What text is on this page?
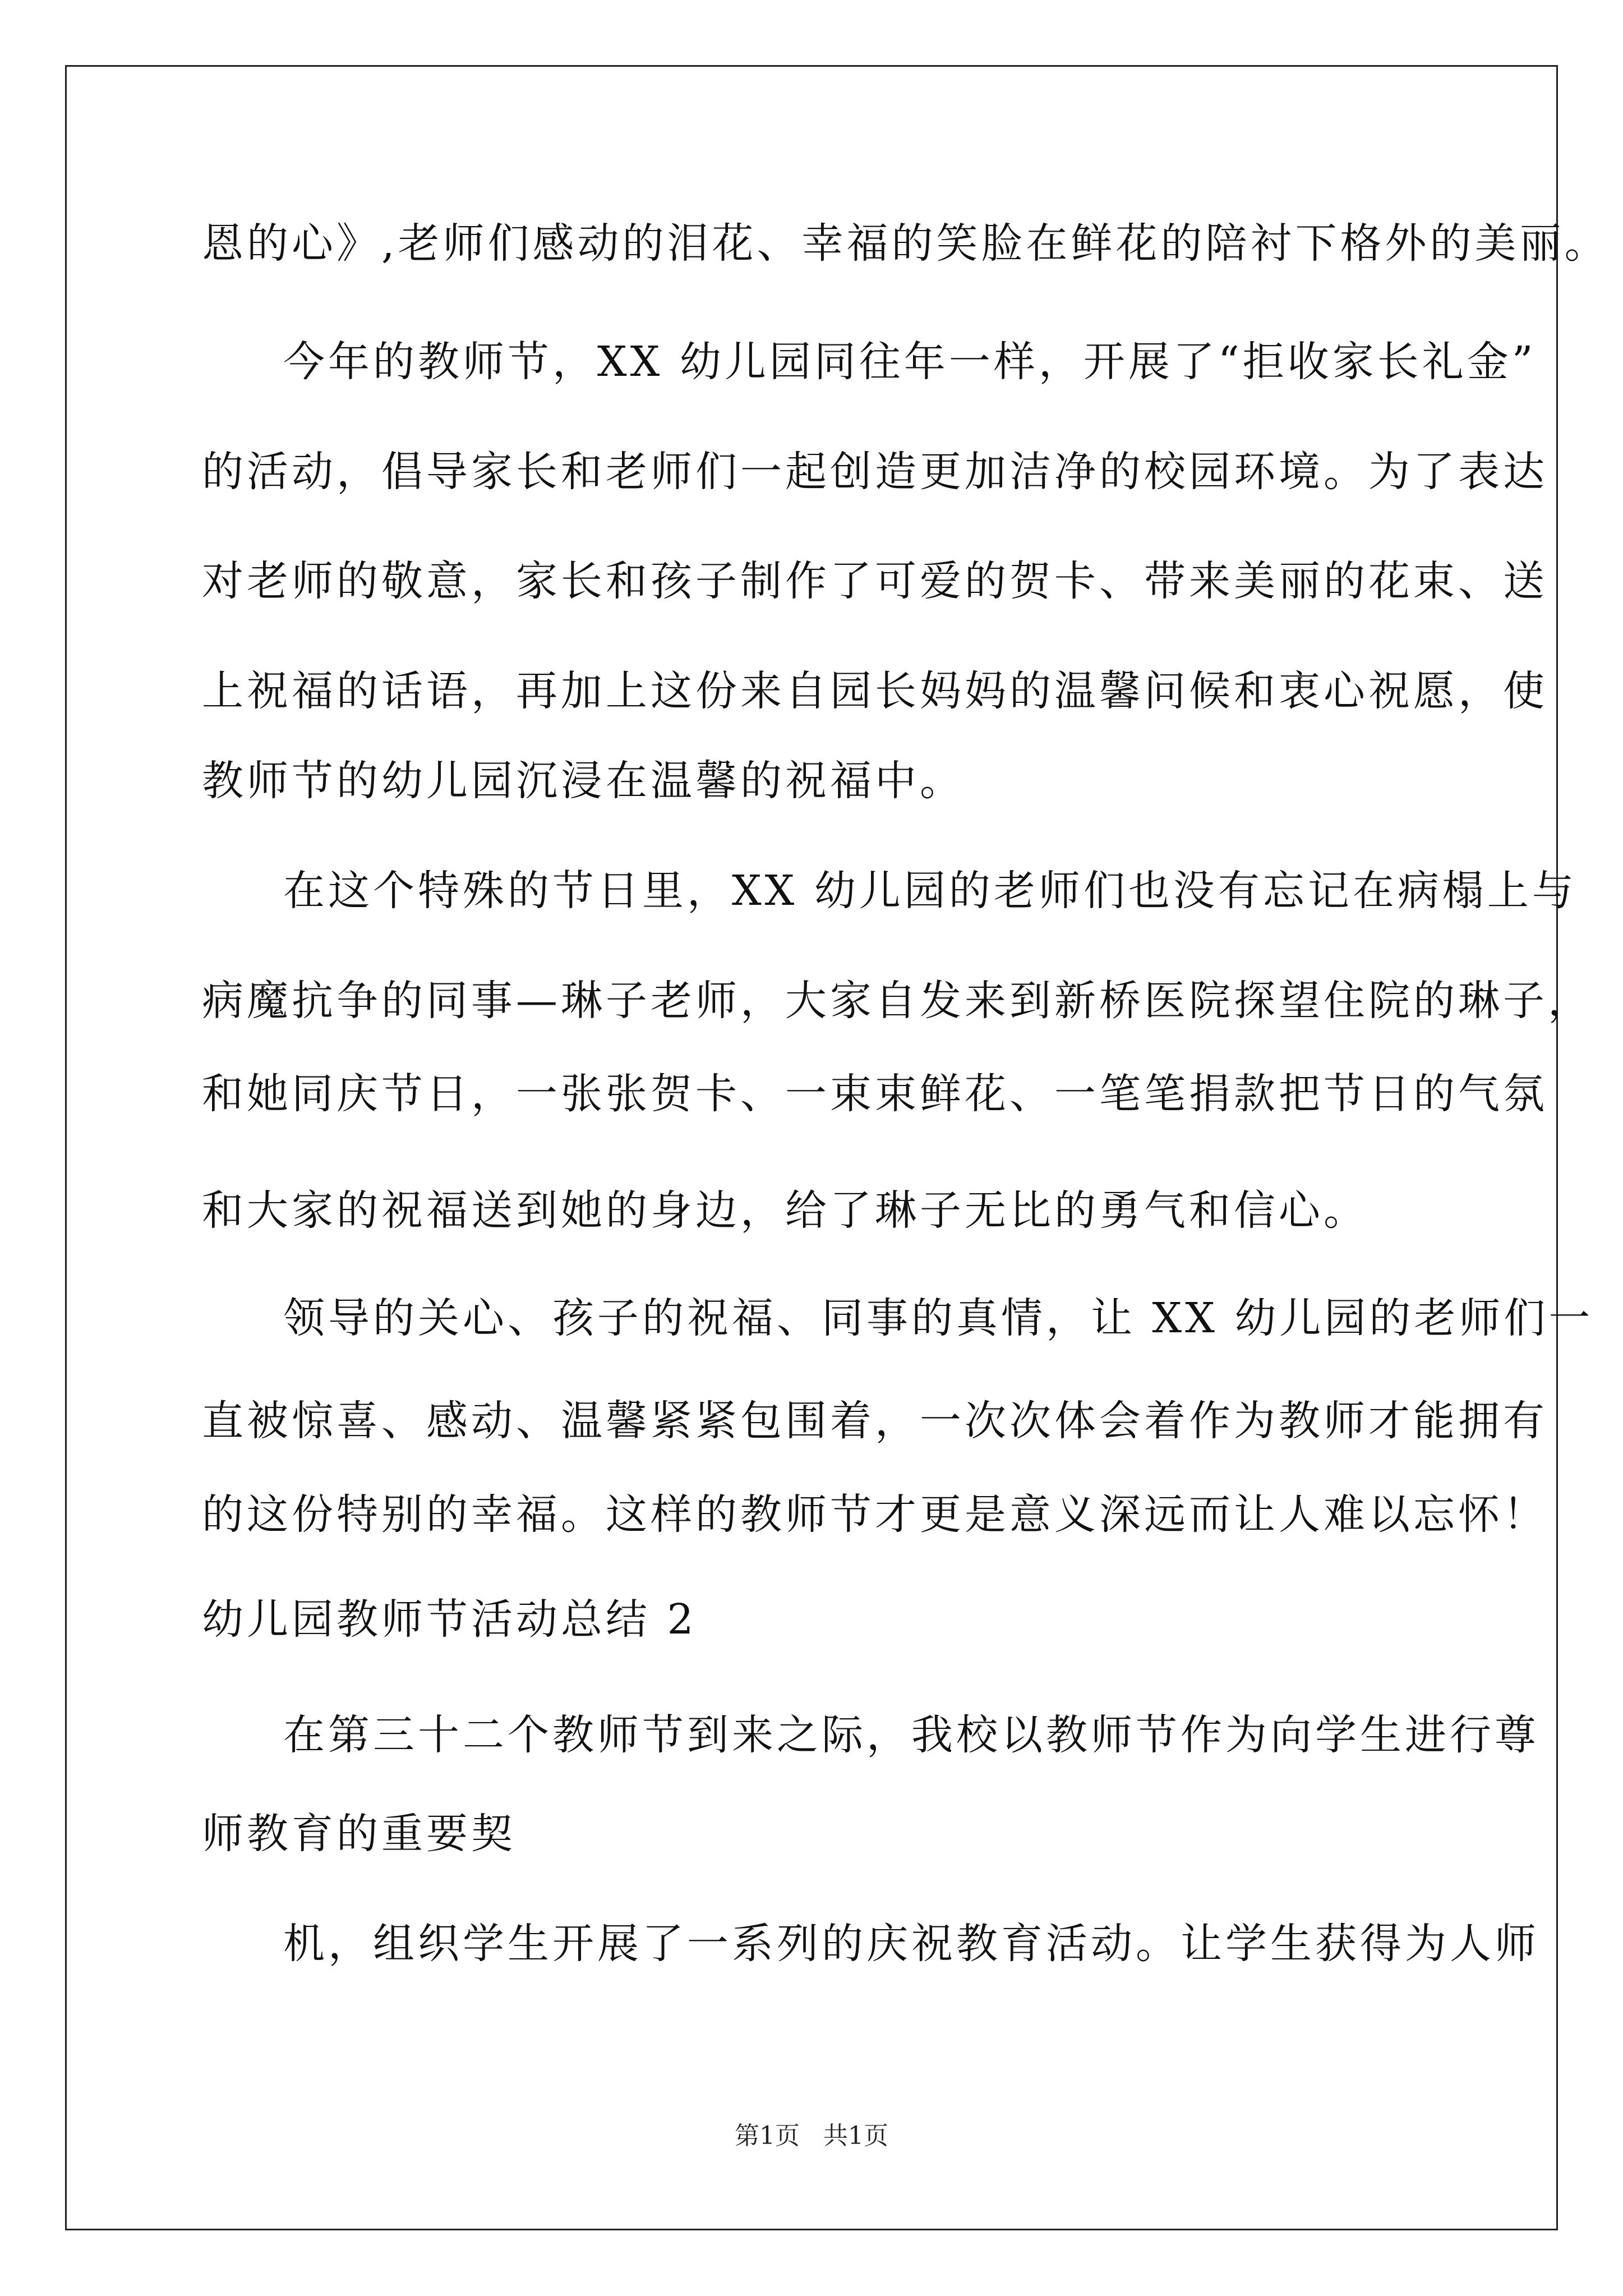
恩的心》,老师们感动的泪花、幸福的笑脸在鲜花的陪衬下格外的美丽。
今年的教师节，XX 幼儿园同往年一样，开展了“拒收家长礼金”
的活动，倡导家长和老师们一起创造更加洁净的校园环境。为了表达
对老师的敬意，家长和孩子制作了可爱的贺卡、带来美丽的花束、送
上祝福的话语，再加上这份来自园长妈妈的温馨问候和衷心祝愿，使
教师节的幼儿园沉浸在温馨的祝福中。
在这个特殊的节日里，XX 幼儿园的老师们也没有忘记在病榻上与
病魔抗争的同事—琳子老师，大家自发来到新桥医院探望住院的琳子，
和她同庆节日，一张张贺卡、一束束鲜花、一笔笔捐款把节日的气氛
和大家的祝福送到她的身边，给了琳子无比的勇气和信心。
领导的关心、孩子的祝福、同事的真情，让 XX 幼儿园的老师们一
直被惊喜、感动、温馨紧紧包围着，一次次体会着作为教师才能拥有
的这份特别的幸福。这样的教师节才更是意义深远而让人难以忘怀！
幼儿园教师节活动总结 2
在第三十二个教师节到来之际，我校以教师节作为向学生进行尊
师教育的重要契
机，组织学生开展了一系列的庆祝教育活动。让学生获得为人师
第1页   共1页
